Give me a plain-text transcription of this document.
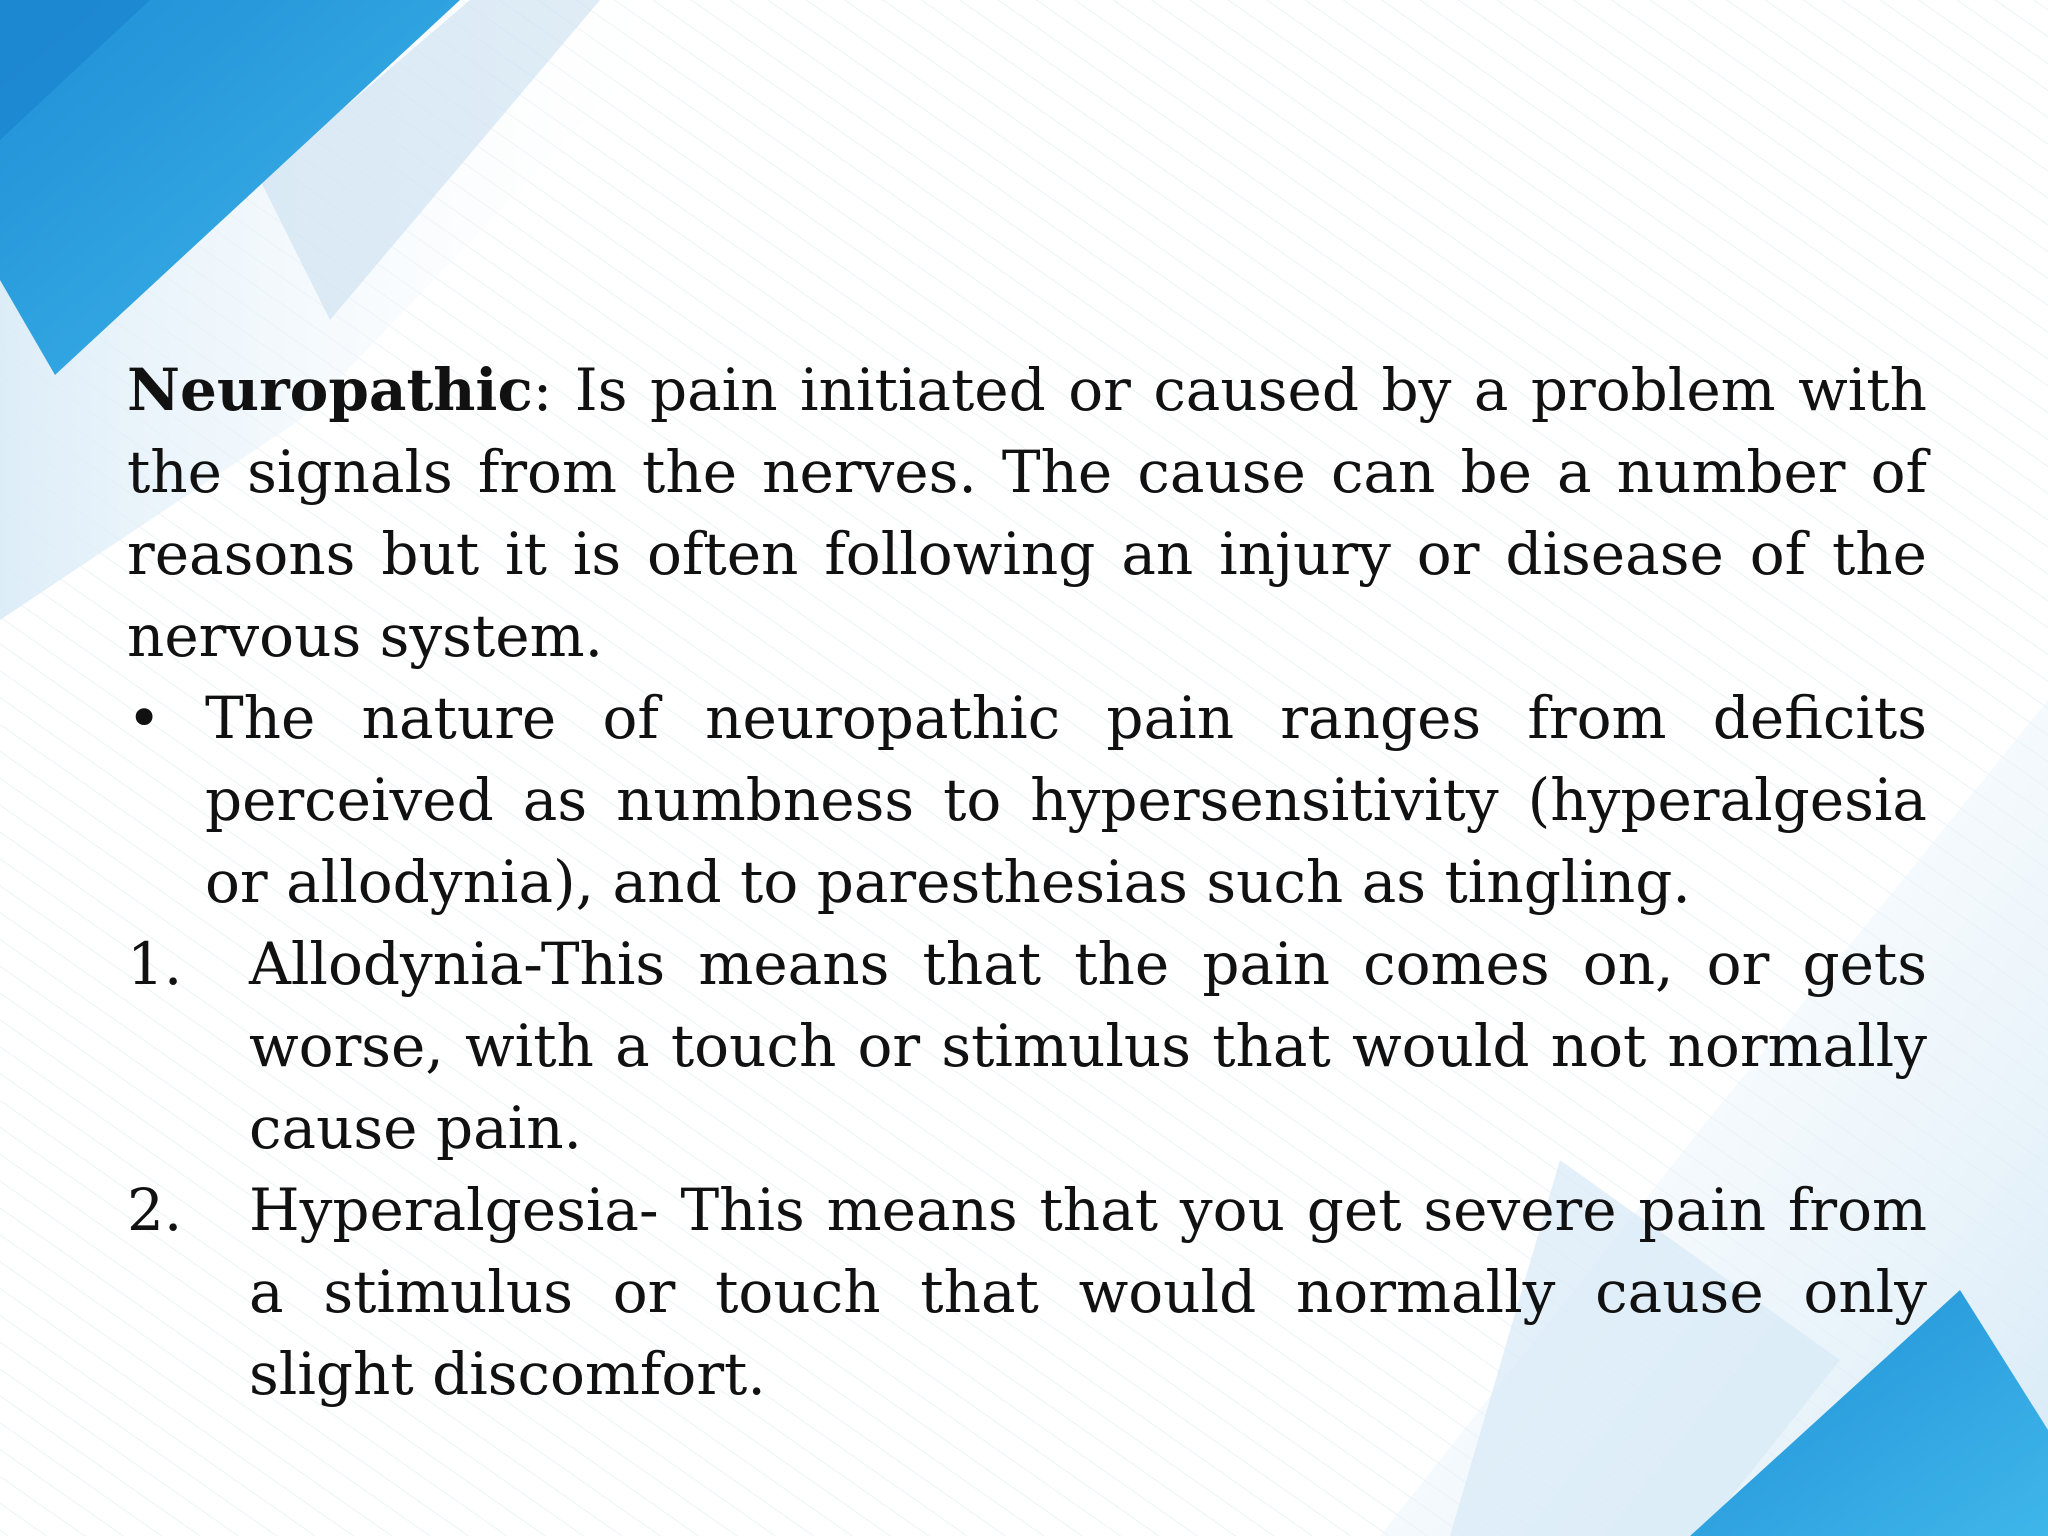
Neuropathic: Is pain initiated or caused by a problem with the signals from the nerves. The cause can be a number of reasons but it is often following an injury or disease of the nervous system.

• The nature of neuropathic pain ranges from deficits perceived as numbness to hypersensitivity (hyperalgesia or allodynia), and to paresthesias such as tingling.
1.	Allodynia-This means that the pain comes on, or gets worse, with a touch or stimulus that would not normally cause pain.
2.	Hyperalgesia- This means that you get severe pain from a stimulus or touch that would normally cause only slight discomfort.
